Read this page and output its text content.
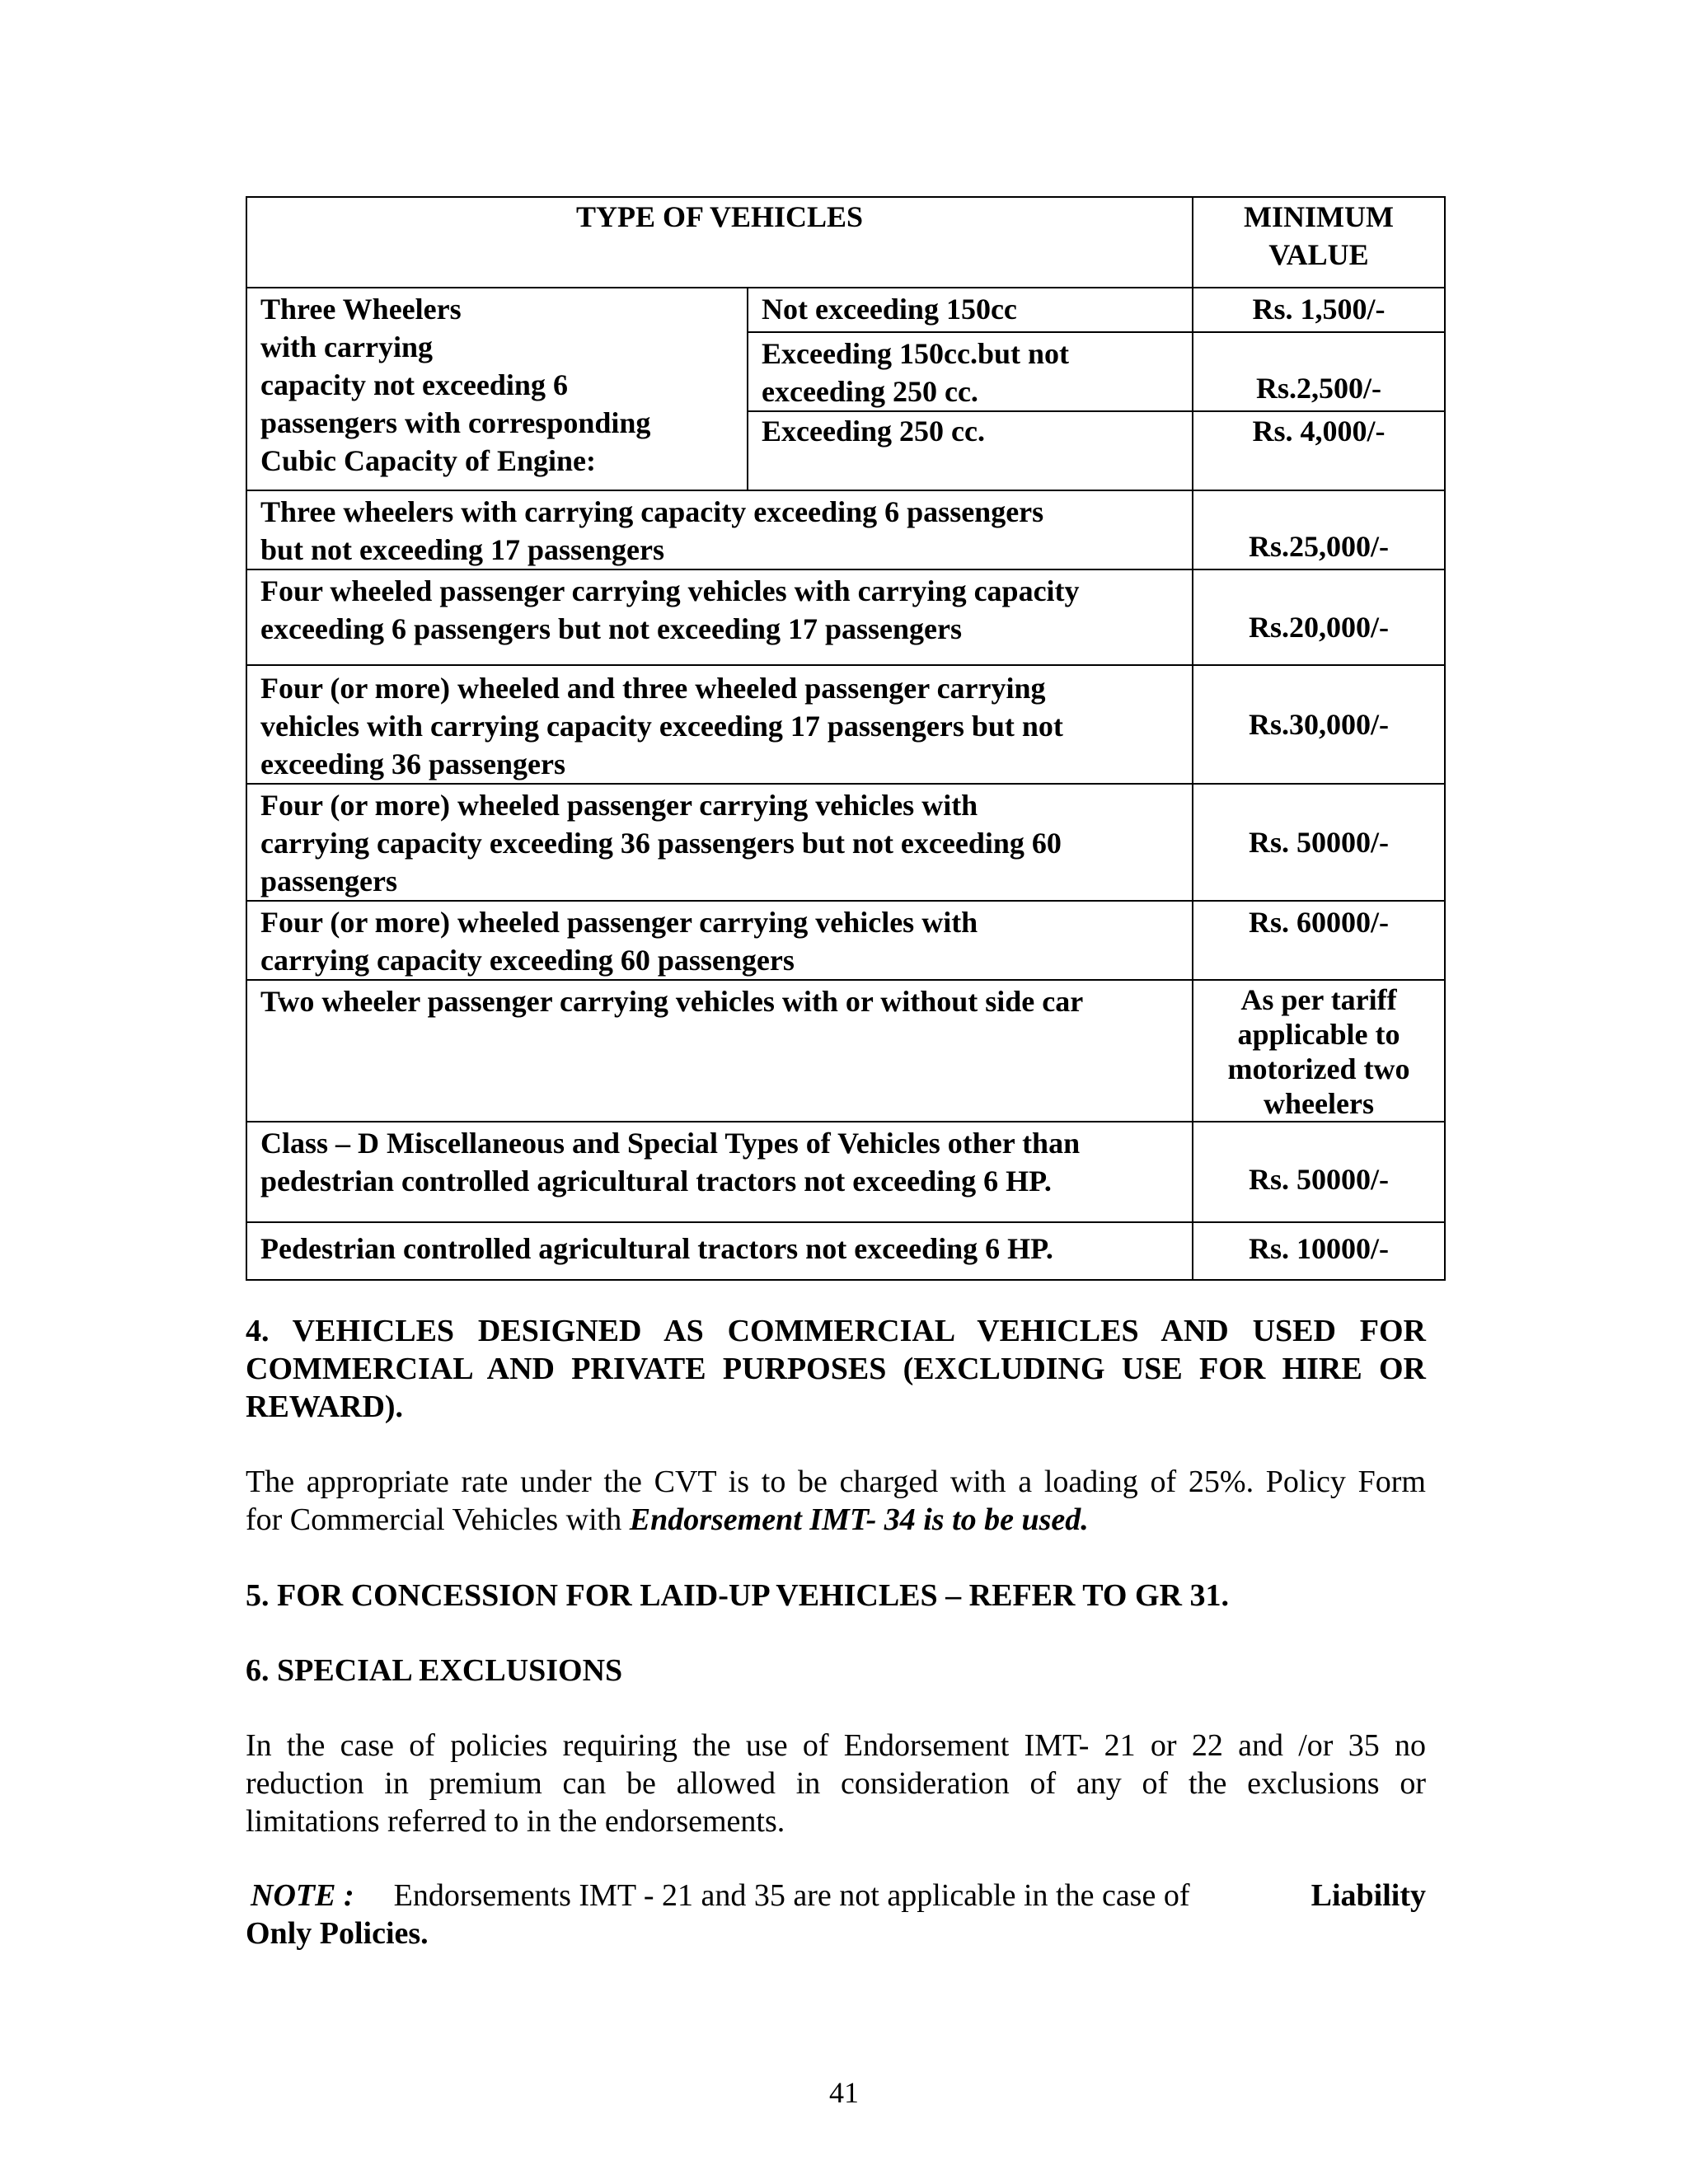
TYPE OF VEHICLES		MINIMUM
VALUE

Three Wheelers
with carrying
capacity not exceeding 6
passengers with corresponding
Cubic Capacity of Engine:	Not exceeding 150cc	Rs. 1,500/-

	Exceeding 150cc.but not
exceeding 250 cc.	Rs.2,500/-
	Exceeding 250 cc.	Rs. 4,000/-

Three wheelers with carrying capacity exceeding 6 passengers
but not exceeding 17 passengers		Rs.25,000/-

Four wheeled passenger carrying vehicles with carrying capacity
exceeding 6 passengers but not exceeding 17 passengers		Rs.20,000/-

Four (or more) wheeled and three wheeled passenger carrying
vehicles with carrying capacity exceeding 17 passengers but not
exceeding 36 passengers		Rs.30,000/-

Four (or more) wheeled passenger carrying vehicles with
carrying capacity exceeding 36 passengers but not exceeding 60
passengers		Rs. 50000/-

Four (or more) wheeled passenger carrying vehicles with
carrying capacity exceeding 60 passengers		Rs. 60000/-
Two wheeler passenger carrying vehicles with or without side car		As per tariff
applicable to
motorized two
wheelers

Class – D Miscellaneous and Special Types of Vehicles other than
pedestrian controlled agricultural tractors not exceeding 6 HP.		Rs. 50000/-
Pedestrian controlled agricultural tractors not exceeding 6 HP.		Rs. 10000/-
4. VEHICLES DESIGNED AS COMMERCIAL VEHICLES AND USED FOR
COMMERCIAL AND PRIVATE PURPOSES (EXCLUDING USE FOR HIRE OR
REWARD).
The appropriate rate under the CVT is to be charged with a loading of 25%. Policy Form
for Commercial Vehicles with Endorsement IMT- 34 is to be used.
5. FOR CONCESSION FOR LAID-UP VEHICLES – REFER TO GR 31.
6. SPECIAL EXCLUSIONS
In the case of policies requiring the use of Endorsement IMT- 21 or 22 and /or 35 no
reduction in premium can be allowed in consideration of any of the exclusions or
limitations referred to in the endorsements.
NOTE : Endorsements IMT - 21 and 35 are not applicable in the case of	Liability
Only Policies.
41
